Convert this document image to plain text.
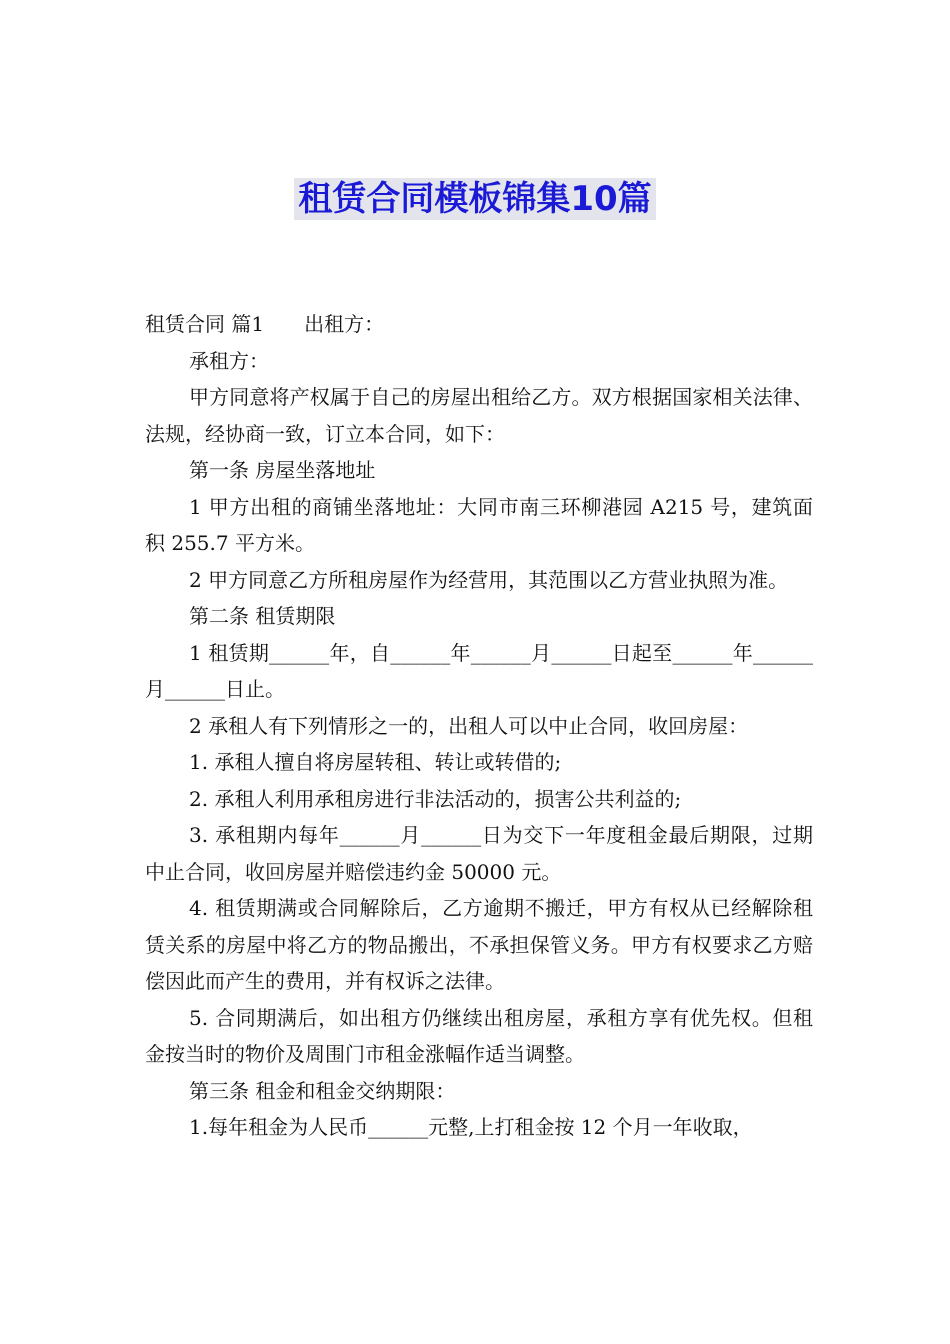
租赁合同模板锦集10篇

租赁合同 篇1 出租方：

承租方：

甲方同意将产权属于自己的房屋出租给乙方。双方根据国家相关法律、法规，经协商一致，订立本合同，如下：

第一条 房屋坐落地址

1 甲方出租的商铺坐落地址：大同市南三环柳港园 A215 号，建筑面积 255.7 平方米。

2 甲方同意乙方所租房屋作为经营用，其范围以乙方营业执照为准。

第二条 租赁期限

1 租赁期______年，自______年______月______日起至______年______月______日止。

2 承租人有下列情形之一的，出租人可以中止合同，收回房屋：

1. 承租人擅自将房屋转租、转让或转借的;

2. 承租人利用承租房进行非法活动的，损害公共利益的;

3. 承租期内每年______月______日为交下一年度租金最后期限，过期中止合同，收回房屋并赔偿违约金 50000 元。

4. 租赁期满或合同解除后，乙方逾期不搬迁，甲方有权从已经解除租赁关系的房屋中将乙方的物品搬出，不承担保管义务。甲方有权要求乙方赔偿因此而产生的费用，并有权诉之法律。

5. 合同期满后，如出租方仍继续出租房屋，承租方享有优先权。但租金按当时的物价及周围门市租金涨幅作适当调整。

第三条 租金和租金交纳期限：

1.每年租金为人民币______元整,上打租金按 12 个月一年收取，
